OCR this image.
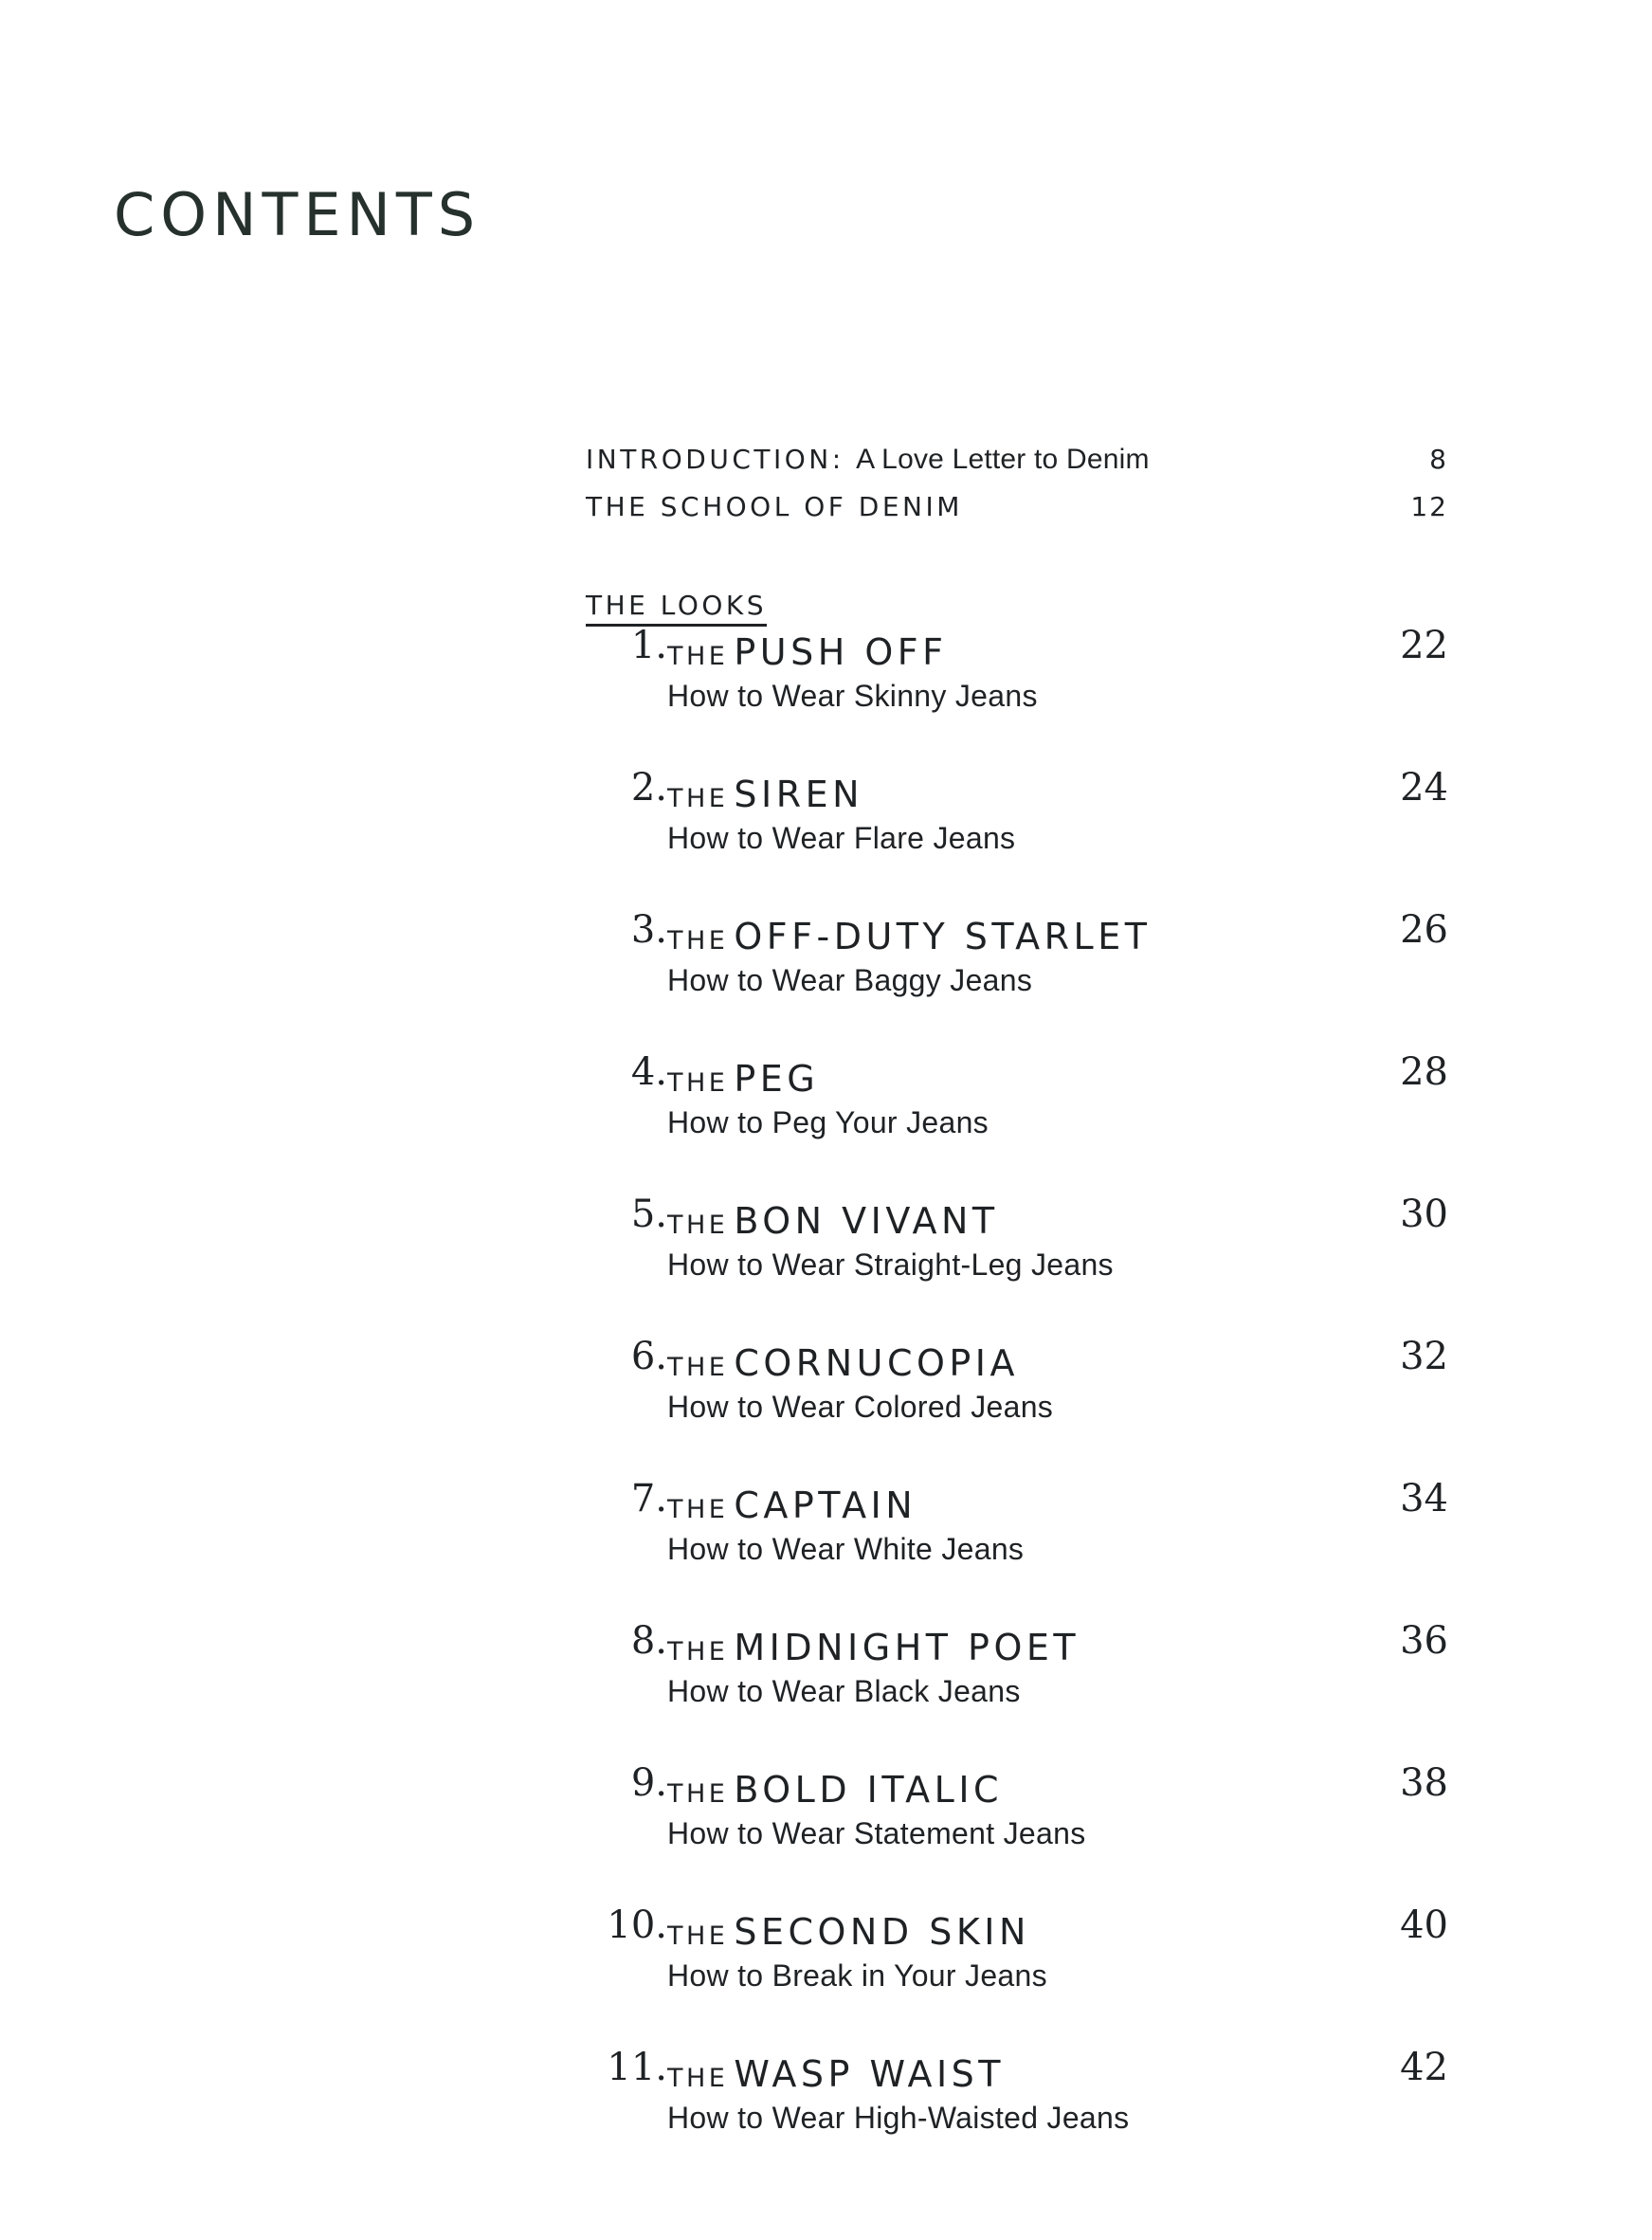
CONTENTS
INTRODUCTION: A Love Letter to Denim	8
THE SCHOOL OF DENIM	12
THE LOOKS
1. THE PUSH OFF
How to Wear Skinny Jeans
22
2. THE SIREN
How to Wear Flare Jeans
24
3. THE OFF-DUTY STARLET
How to Wear Baggy Jeans
26
4. THE PEG
How to Peg Your Jeans
28
5. THE BON VIVANT
How to Wear Straight-Leg Jeans
30
6. THE CORNUCOPIA
How to Wear Colored Jeans
32
7. THE CAPTAIN
How to Wear White Jeans
34
8. THE MIDNIGHT POET
How to Wear Black Jeans
36
9. THE BOLD ITALIC
How to Wear Statement Jeans
38
10. THE SECOND SKIN
How to Break in Your Jeans
40
11. THE WASP WAIST
How to Wear High-Waisted Jeans
42
